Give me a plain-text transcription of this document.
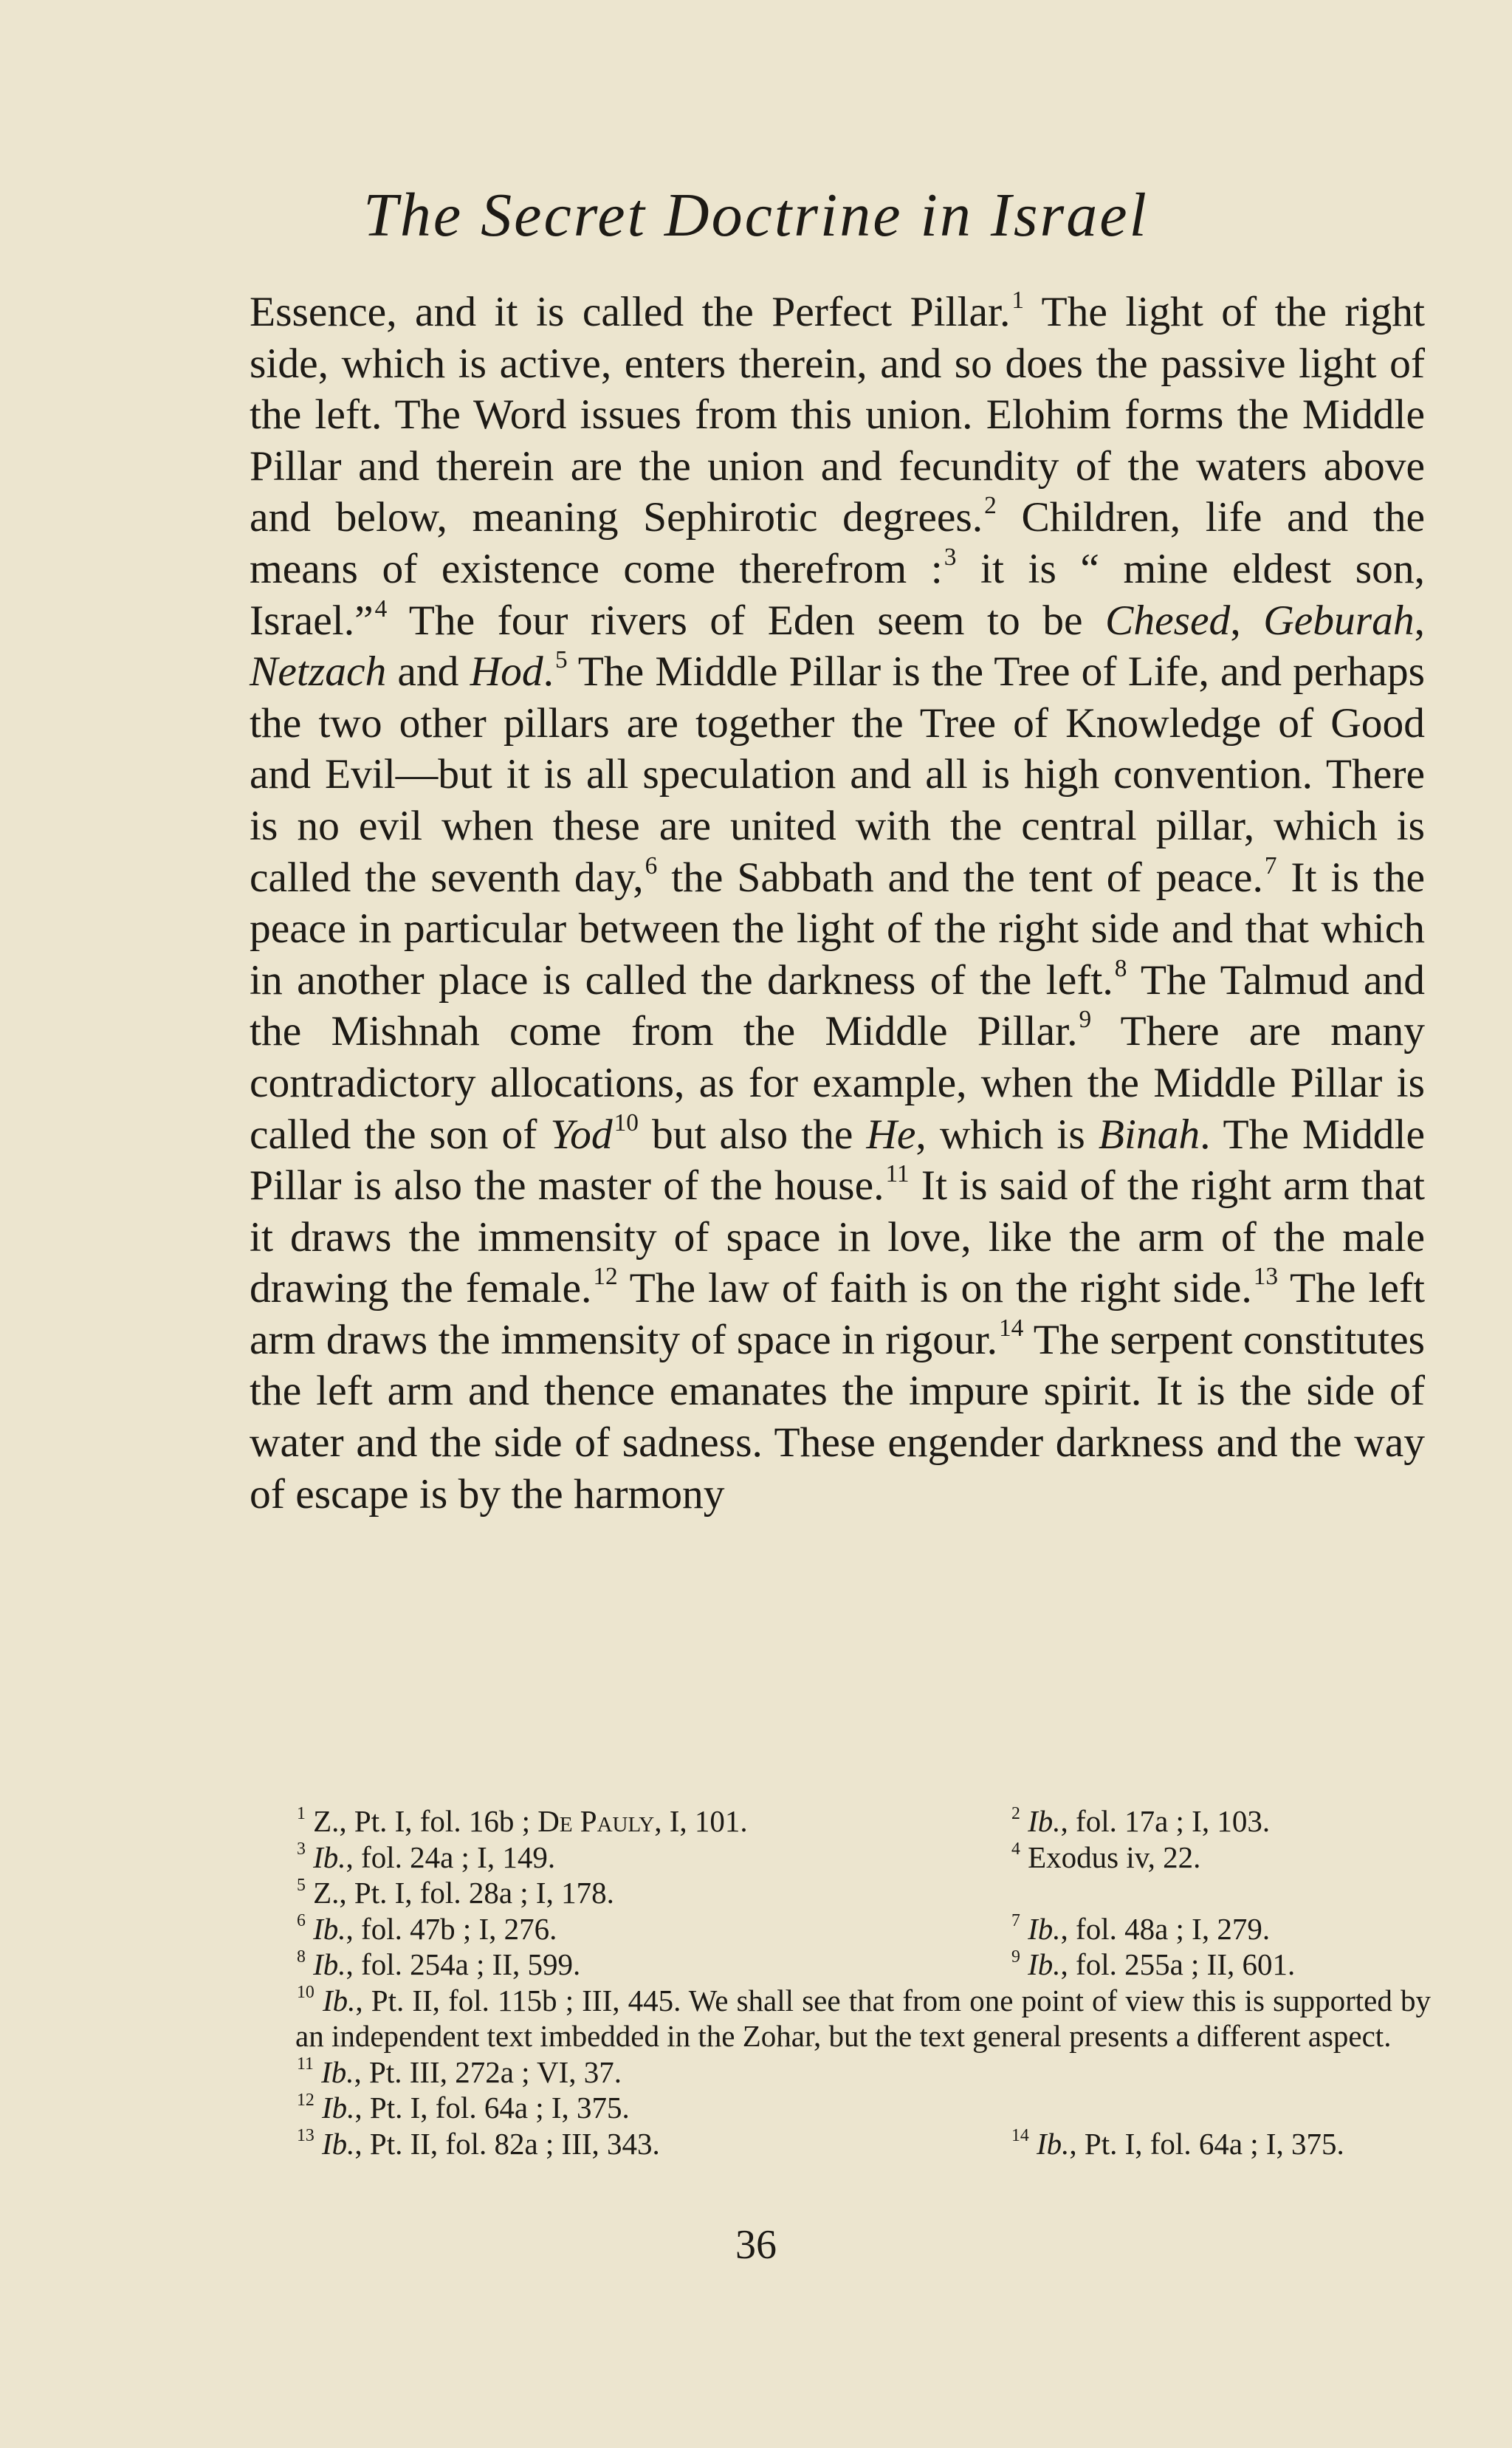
The Secret Doctrine in Israel
Essence, and it is called the Perfect Pillar.$^1$ The light of the right side, which is active, enters therein, and so does the passive light of the left. The Word issues from this union. Elohim forms the Middle Pillar and therein are the union and fecundity of the waters above and below, meaning Sephirotic degrees.$^2$ Children, life and the means of existence come therefrom :$^3$ it is “ mine eldest son, Israel.”$^4$ The four rivers of Eden seem to be Chesed, Geburah, Netzach and Hod.$^5$ The Middle Pillar is the Tree of Life, and perhaps the two other pillars are together the Tree of Knowledge of Good and Evil—but it is all speculation and all is high convention. There is no evil when these are united with the central pillar, which is called the seventh day,$^6$ the Sabbath and the tent of peace.$^7$ It is the peace in particular between the light of the right side and that which in another place is called the darkness of the left.$^8$ The Talmud and the Mishnah come from the Middle Pillar.$^9$ There are many contradictory allocations, as for example, when the Middle Pillar is called the son of Yod$^{10}$ but also the He, which is Binah. The Middle Pillar is also the master of the house.$^{11}$ It is said of the right arm that it draws the immensity of space in love, like the arm of the male drawing the female.$^{12}$ The law of faith is on the right side.$^{13}$ The left arm draws the immensity of space in rigour.$^{14}$ The serpent constitutes the left arm and thence emanates the impure spirit. It is the side of water and the side of sadness. These engender darkness and the way of escape is by the harmony
$^1$ Z., Pt. I, fol. 16b ; De Pauly, I, 101.	$^2$ Ib., fol. 17a ; I, 103.
$^3$ Ib., fol. 24a ; I, 149.	$^4$ Exodus iv, 22.
$^5$ Z., Pt. I, fol. 28a ; I, 178.
$^6$ Ib., fol. 47b ; I, 276.	$^7$ Ib., fol. 48a ; I, 279.
$^8$ Ib., fol. 254a ; II, 599.	$^9$ Ib., fol. 255a ; II, 601.
$^{10}$ Ib., Pt. II, fol. 115b ; III, 445. We shall see that from one point of view this is supported by an independent text imbedded in the Zohar, but the text general presents a different aspect.
$^{11}$ Ib., Pt. III, 272a ; VI, 37.
$^{12}$ Ib., Pt. I, fol. 64a ; I, 375.
$^{13}$ Ib., Pt. II, fol. 82a ; III, 343.	$^{14}$ Ib., Pt. I, fol. 64a ; I, 375.
36
